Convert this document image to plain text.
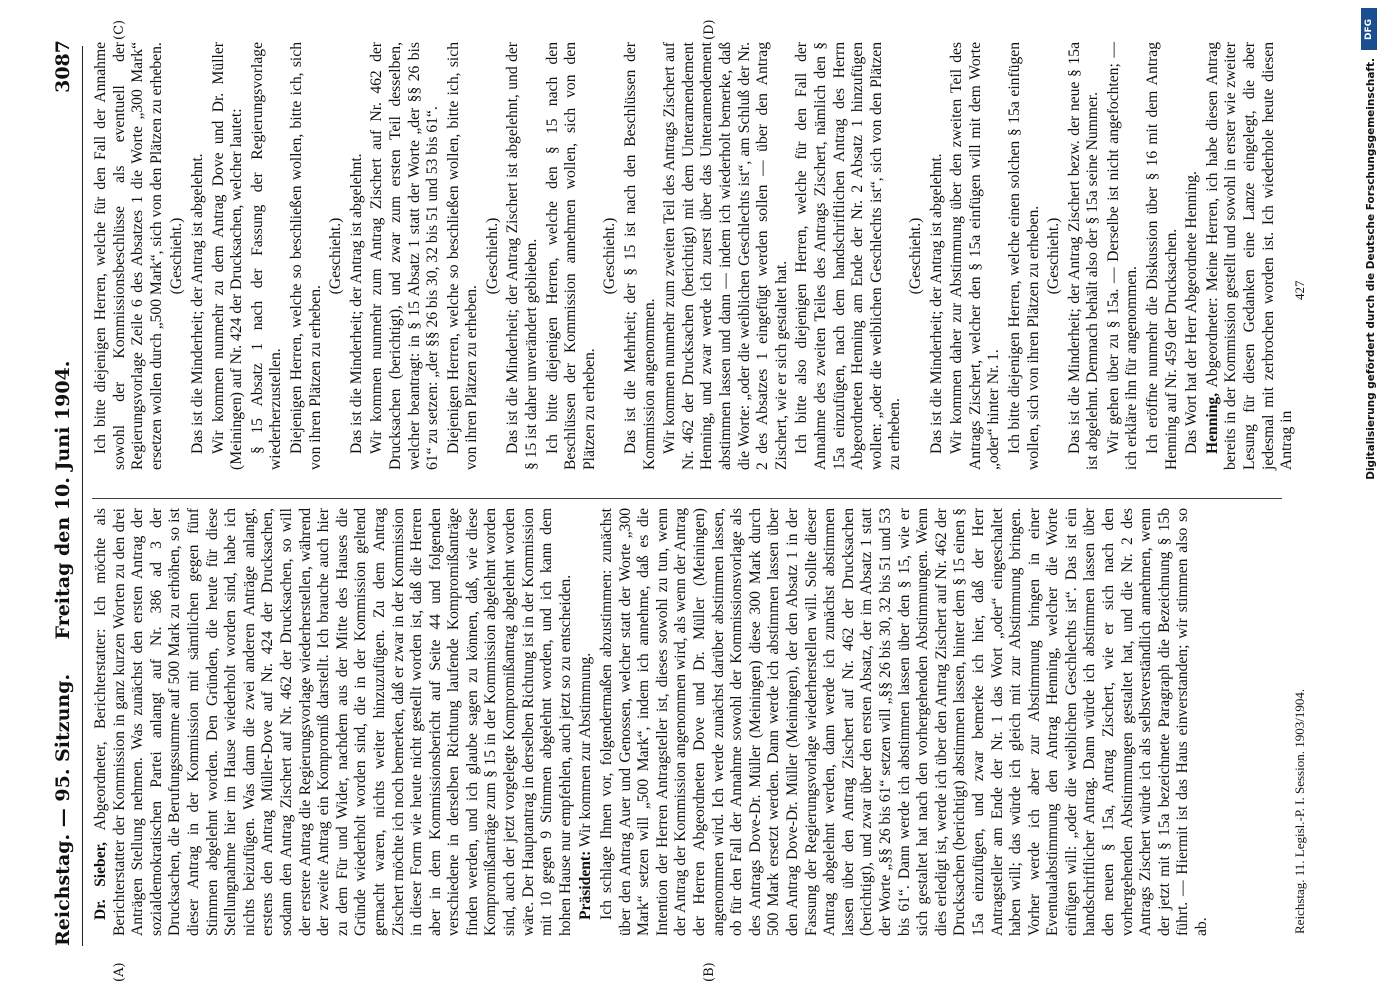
Reichstag. — 95. Sitzung.
Freitag den 10. Juni 1904.
3087
(A)	(B)
(C)	(D)

Dr. Sieber, Abgeordneter, Berichterstatter: Ich möchte als Berichterstatter der Kommission in ganz kurzen Worten zu den drei Anträgen Stellung nehmen. Was zunächst den ersten Antrag der sozialdemokratischen Partei anlangt auf Nr. 386 ad 3 der Drucksachen, die Berufungssumme auf 500 Mark zu erhöhen, so ist dieser Antrag in der Kommission mit sämtlichen gegen fünf Stimmen abgelehnt worden. Den Gründen, die heute für diese Stellungnahme hier im Hause wiederholt worden sind, habe ich nichts beizufügen. Was dann die zwei anderen Anträge anlangt, erstens den Antrag Müller-Dove auf Nr. 424 der Drucksachen, sodann den Antrag Zischert auf Nr. 462 der Drucksachen, so will der erstere Antrag die Regierungsvorlage wiederherstellen, während der zweite Antrag ein Kompromiß darstellt. Ich brauche auch hier zu dem Für und Wider, nachdem aus der Mitte des Hauses die Gründe wiederholt worden sind, die in der Kommission geltend gemacht waren, nichts weiter hinzuzufügen. Zu dem Antrag Zischert möchte ich noch bemerken, daß er zwar in der Kommission in dieser Form wie heute nicht gestellt worden ist, daß die Herren aber in dem Kommissionsbericht auf Seite 44 und folgenden verschiedene in derselben Richtung laufende Kompromißanträge finden werden, und ich glaube sagen zu können, daß, wie diese Kompromißanträge zum § 15 in der Kommission abgelehnt worden sind, auch der jetzt vorgelegte Kompromißantrag abgelehnt worden wäre. Der Hauptantrag in derselben Richtung ist in der Kommission mit 10 gegen 9 Stimmen abgelehnt worden, und ich kann dem hohen Hause nur empfehlen, auch jetzt so zu entscheiden. Präsident: Wir kommen zur Abstimmung. Ich schlage Ihnen vor, folgendermaßen abzustimmen: zunächst über den Antrag Auer und Genossen, welcher statt der Worte „300 Mark“ setzen will „500 Mark“, indem ich annehme, daß es die Intention der Herren Antragsteller ist, dieses sowohl zu tun, wenn der Antrag der Kommission angenommen wird, als wenn der Antrag der Herren Abgeordneten Dove und Dr. Müller (Meiningen) angenommen wird. Ich werde zunächst darüber abstimmen lassen, ob für den Fall der Annahme sowohl der Kommissionsvorlage als des Antrags Dove-Dr. Müller (Meiningen) diese 300 Mark durch 500 Mark ersetzt werden. Dann werde ich abstimmen lassen über den Antrag Dove-Dr. Müller (Meiningen), der den Absatz 1 in der Fassung der Regierungsvorlage wiederherstellen will. Sollte dieser Antrag abgelehnt werden, dann werde ich zunächst abstimmen lassen über den Antrag Zischert auf Nr. 462 der Drucksachen (berichtigt), und zwar über den ersten Absatz, der im Absatz 1 statt der Worte „§§ 26 bis 61“ setzen will „§§ 26 bis 30, 32 bis 51 und 53 bis 61“. Dann werde ich abstimmen lassen über den § 15, wie er sich gestaltet hat nach den vorhergehenden Abstimmungen. Wenn dies erledigt ist, werde ich über den Antrag Zischert auf Nr. 462 der Drucksachen (berichtigt) abstimmen lassen, hinter dem § 15 einen § 15a einzufügen, und zwar bemerke ich hier, daß der Herr Antragsteller am Ende der Nr. 1 das Wort „oder“ eingeschaltet haben will; das würde ich gleich mit zur Abstimmung bringen. Vorher werde ich aber zur Abstimmung bringen in einer Eventualabstimmung den Antrag Henning, welcher die Worte einfügen will: „oder die weiblichen Geschlechts ist“. Das ist ein handschriftlicher Antrag. Dann würde ich abstimmen lassen über den neuen § 15a, Antrag Zischert, wie er sich nach den vorhergehenden Abstimmungen gestaltet hat, und die Nr. 2 des Antrags Zischert würde ich als selbstverständlich annehmen, wenn der jetzt mit § 15a bezeichnete Paragraph die Bezeichnung § 15b führt. — Hiermit ist das Haus einverstanden; wir stimmen also so ab.

Ich bitte diejenigen Herren, welche für den Fall der Annahme sowohl der Kommissionsbeschlüsse als eventuell der Regierungsvorlage Zeile 6 des Absatzes 1 die Worte „300 Mark“ ersetzen wollen durch „500 Mark“, sich von den Plätzen zu erheben. (Geschieht.) Das ist die Minderheit; der Antrag ist abgelehnt. Wir kommen nunmehr zu dem Antrag Dove und Dr. Müller (Meiningen) auf Nr. 424 der Drucksachen, welcher lautet: § 15 Absatz 1 nach der Fassung der Regierungsvorlage wiederherzustellen. Diejenigen Herren, welche so beschließen wollen, bitte ich, sich von ihren Plätzen zu erheben.

(Geschieht.) Das ist die Minderheit; der Antrag ist abgelehnt. Wir kommen nunmehr zum Antrag Zischert auf Nr. 462 der Drucksachen (berichtigt), und zwar zum ersten Teil desselben, welcher beantragt: in § 15 Absatz 1 statt der Worte „der §§ 26 bis 61“ zu setzen: „der §§ 26 bis 30, 32 bis 51 und 53 bis 61“. Diejenigen Herren, welche so beschließen wollen, bitte ich, sich von ihren Plätzen zu erheben.

(Geschieht.) Das ist die Minderheit; der Antrag Zischert ist abgelehnt, und der § 15 ist daher unverändert geblieben. Ich bitte diejenigen Herren, welche den § 15 nach den Beschlüssen der Kommission annehmen wollen, sich von den Plätzen zu erheben.

(Geschieht.) Das ist die Mehrheit; der § 15 ist nach den Beschlüssen der Kommission angenommen. Wir kommen nunmehr zum zweiten Teil des Antrags Zischert auf Nr. 462 der Drucksachen (berichtigt) mit dem Unteramendement Henning, und zwar werde ich zuerst über das Unteramendement abstimmen lassen und dann — indem ich wiederholt bemerke, daß die Worte: „oder die weiblichen Geschlechts ist“, am Schluß der Nr. 2 des Absatzes 1 eingefügt werden sollen — über den Antrag Zischert, wie er sich gestaltet hat. Ich bitte also diejenigen Herren, welche für den Fall der Annahme des zweiten Teiles des Antrags Zischert, nämlich den § 15a einzufügen, nach dem handschriftlichen Antrag des Herrn Abgeordneten Henning am Ende der Nr. 2 Absatz 1 hinzufügen wollen: „oder die weiblichen Geschlechts ist“, sich von den Plätzen zu erheben.

(Geschieht.) Das ist die Minderheit; der Antrag ist abgelehnt. Wir kommen daher zur Abstimmung über den zweiten Teil des Antrags Zischert, welcher den § 15a einfügen will mit dem Worte „oder“ hinter Nr. 1. Ich bitte diejenigen Herren, welche einen solchen § 15a einfügen wollen, sich von ihren Plätzen zu erheben. (Geschieht.) Das ist die Minderheit; der Antrag Zischert bezw. der neue § 15a ist abgelehnt. Demnach behält also der § 15a seine Nummer. Wir gehen über zu § 15a. — Derselbe ist nicht angefochten; — ich erkläre ihn für angenommen. Ich eröffne nunmehr die Diskussion über § 16 mit dem Antrag Henning auf Nr. 459 der Drucksachen. Das Wort hat der Herr Abgeordnete Henning. Henning, Abgeordneter: Meine Herren, ich habe diesen Antrag bereits in der Kommission gestellt und sowohl in erster wie zweiter Lesung für diesen Gedanken eine Lanze eingelegt, die aber jedesmal mit zerbrochen worden ist. Ich wiederhole heute diesen Antrag in

Reichstag. 11. Legisl.-P. I. Session. 1903/1904.
427
DFG
Digitalisierung gefördert durch die Deutsche Forschungsgemeinschaft.
